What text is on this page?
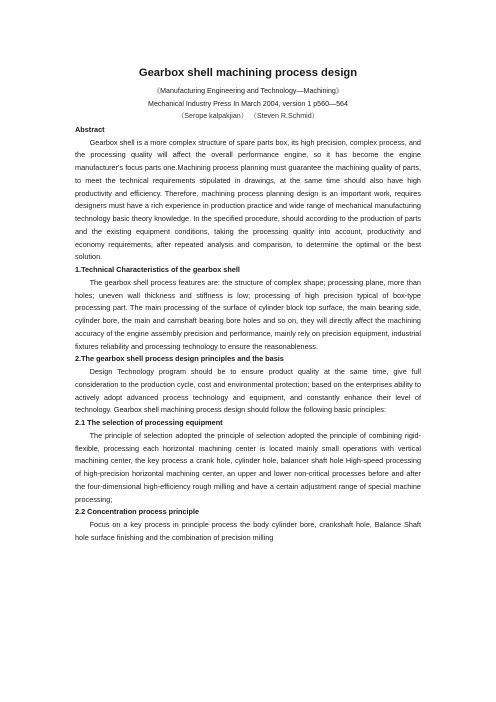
Gearbox shell machining process design
《Manufacturing Engineering and Technology—Machining》
Mechanical Industry Press In March 2004, version 1 p560—564
（Serope kalpakjian） （Steven R.Schmid）
Abstract

Gearbox shell is a more complex structure of spare parts box, its high precision, complex process, and the processing quality will affect the overall performance engine, so it has become the engine manufacturer's focus parts one.Machining process planning must guarantee the machining quality of parts, to meet the technical requirements stipulated in drawings, at the same time should also have high productivity and efficiency. Therefore, machining process planning design is an important work, requires designers must have a rich experience in production practice and wide range of mechanical manufacturing technology basic theory knowledge. In the specified procedure, should according to the production of parts and the existing equipment conditions, taking the processing quality into account, productivity and economy requirements, after repeated analysis and comparison, to determine the optimal or the best solution.

1.Technical Characteristics of the gearbox shell

The gearbox shell process features are: the structure of complex shape; processing plane, more than holes; uneven wall thickness and stiffness is low; processing of high precision typical of box-type processing part. The main processing of the surface of cylinder block top surface, the main bearing side, cylinder bore, the main and camshaft bearing bore holes and so on, they will directly affect the machining accuracy of the engine assembly precision and performance, mainly rely on precision equipment, industrial fixtures reliability and processing technology to ensure the reasonableness.

2.The gearbox shell process design principles and the basis

Design Technology program should be to ensure product quality at the same time, give full consideration to the production cycle, cost and environmental protection; based on the enterprises ability to actively adopt advanced process technology and equipment, and constantly enhance their level of technology. Gearbox shell machining process design should follow the following basic principles:

2.1 The selection of processing equipment

The principle of selection adopted the principle of selection adopted the principle of combining rigid-flexible, processing each horizontal machining center is located mainly small operations with vertical machining center, the key process a crank hole, cylinder hole, balancer shaft hole High-speed processing of high-precision horizontal machining center, an upper and lower non-critical processes before and after the four-dimensional high-efficiency rough milling and have a certain adjustment range of special machine processing;

2.2 Concentration process principle

Focus on a key process in principle process the body cylinder bore, crankshaft hole, Balance Shaft hole surface finishing and the combination of precision milling
